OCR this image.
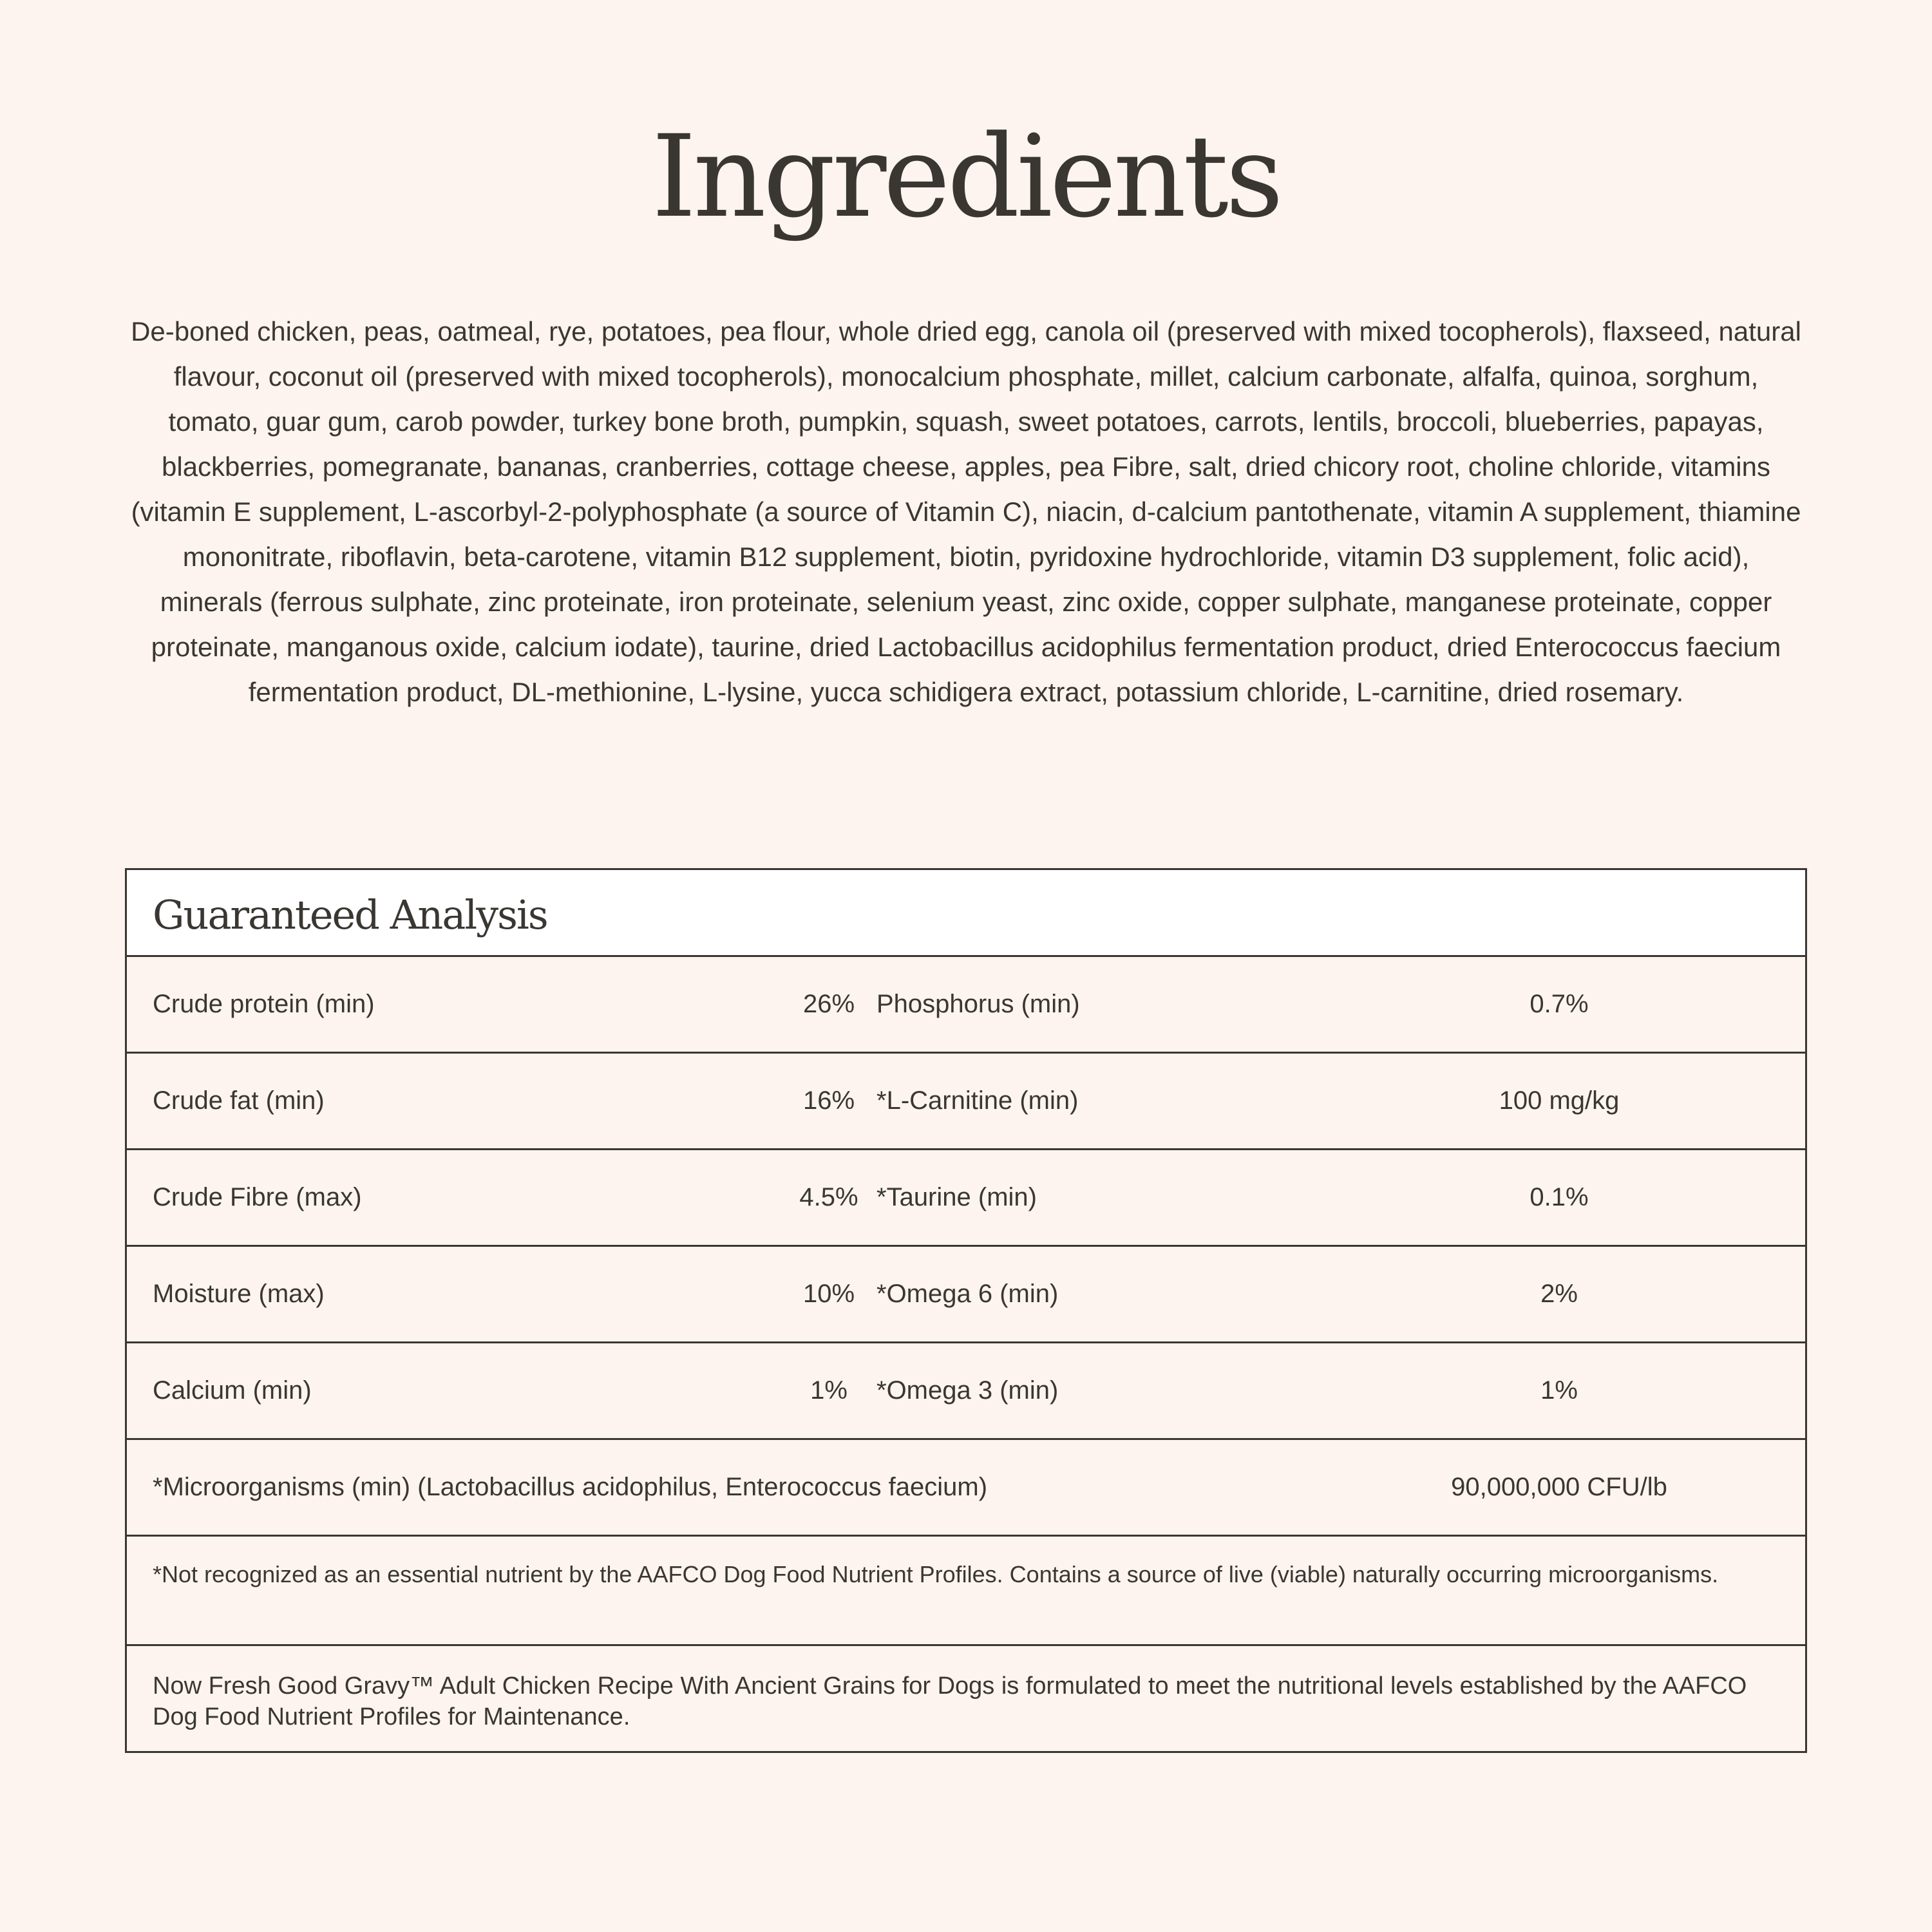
Ingredients

De-boned chicken, peas, oatmeal, rye, potatoes, pea flour, whole dried egg, canola oil (preserved with mixed tocopherols), flaxseed, natural flavour, coconut oil (preserved with mixed tocopherols), monocalcium phosphate, millet, calcium carbonate, alfalfa, quinoa, sorghum, tomato, guar gum, carob powder, turkey bone broth, pumpkin, squash, sweet potatoes, carrots, lentils, broccoli, blueberries, papayas, blackberries, pomegranate, bananas, cranberries, cottage cheese, apples, pea Fibre, salt, dried chicory root, choline chloride, vitamins (vitamin E supplement, L-ascorbyl-2-polyphosphate (a source of Vitamin C), niacin, d-calcium pantothenate, vitamin A supplement, thiamine mononitrate, riboflavin, beta-carotene, vitamin B12 supplement, biotin, pyridoxine hydrochloride, vitamin D3 supplement, folic acid), minerals (ferrous sulphate, zinc proteinate, iron proteinate, selenium yeast, zinc oxide, copper sulphate, manganese proteinate, copper proteinate, manganous oxide, calcium iodate), taurine, dried Lactobacillus acidophilus fermentation product, dried Enterococcus faecium fermentation product, DL-methionine, L-lysine, yucca schidigera extract, potassium chloride, L-carnitine, dried rosemary.

Guaranteed Analysis
Crude protein (min)	26% Phosphorus (min)	0.7%
Crude fat (min)	16% *L-Carnitine (min)	100 mg/kg
Crude Fibre (max)	4.5% *Taurine (min)	0.1%
Moisture (max)	10% *Omega 6 (min)	2%
Calcium (min)	1%	*Omega 3 (min)	1%
*Microorganisms (min) (Lactobacillus acidophilus, Enterococcus faecium)	90,000,000 CFU/lb

*Not recognized as an essential nutrient by the AAFCO Dog Food Nutrient Profiles. Contains a source of live (viable) naturally occurring microorganisms.

Now Fresh Good Gravy™ Adult Chicken Recipe With Ancient Grains for Dogs is formulated to meet the nutritional levels established by the AAFCO Dog Food Nutrient Profiles for Maintenance.
